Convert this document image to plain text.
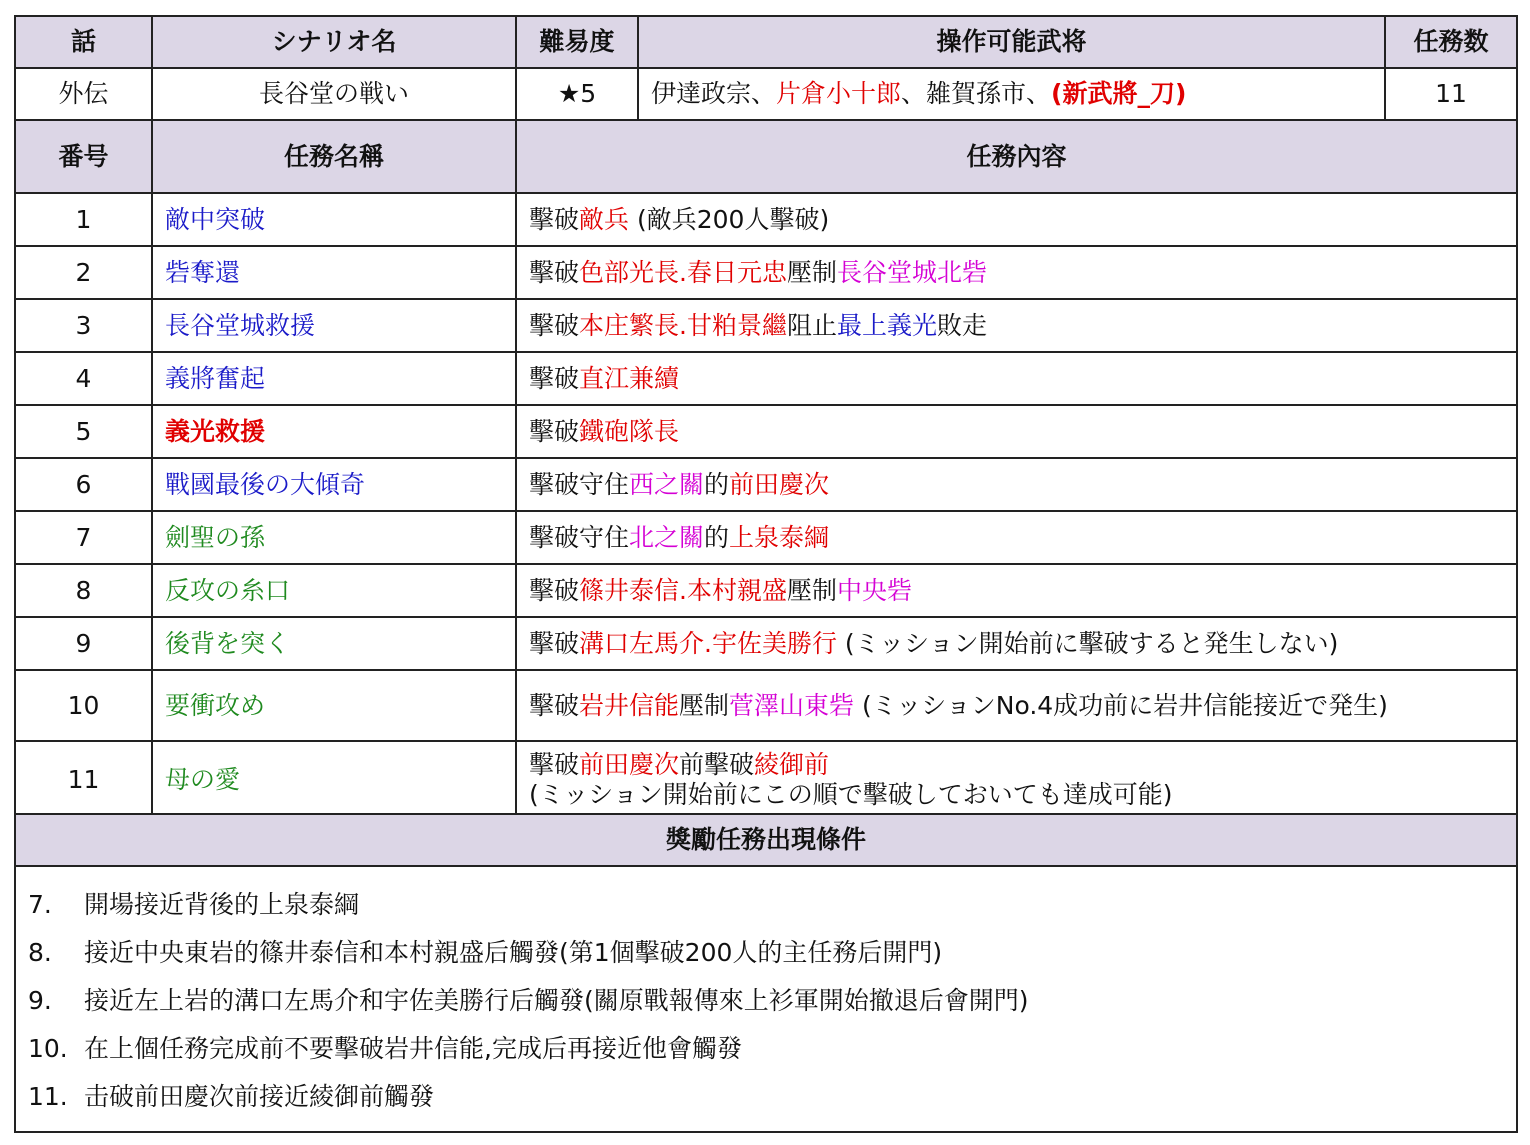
話	シナリオ名	難易度	操作可能武将	任務数
外伝	長谷堂の戦い	★5	伊達政宗、片倉小十郎、雑賀孫市、(新武將_刀)	11
番号	任務名稱	任務內容
1	敵中突破	擊破敵兵 (敵兵200人擊破)
2	砦奪還	擊破色部光長.春日元忠壓制長谷堂城北砦
3	長谷堂城救援	擊破本庄繁長.甘粕景繼阻止最上義光敗走
4	義將奮起	擊破直江兼續
5	義光救援	擊破鐵砲隊長
6	戰國最後の大傾奇	擊破守住西之關的前田慶次
7	劍聖の孫	擊破守住北之關的上泉泰綱
8	反攻の糸口	擊破篠井泰信.本村親盛壓制中央砦
9	後背を突く	擊破溝口左馬介.宇佐美勝行 (ミッション開始前に擊破すると発生しない)
10	要衝攻め	擊破岩井信能壓制菅澤山東砦 (ミッションNo.4成功前に岩井信能接近で発生)
11	母の愛	擊破前田慶次前擊破綾御前
(ミッション開始前にこの順で擊破しておいても達成可能)
獎勵任務出現條件

7. 開場接近背後的上泉泰綱
8. 接近中央東岩的篠井泰信和本村親盛后觸發(第1個擊破200人的主任務后開門)
9. 接近左上岩的溝口左馬介和宇佐美勝行后觸發(關原戰報傳來上衫軍開始撤退后會開門)
10. 在上個任務完成前不要擊破岩井信能,完成后再接近他會觸發
11. 击破前田慶次前接近綾御前觸發
